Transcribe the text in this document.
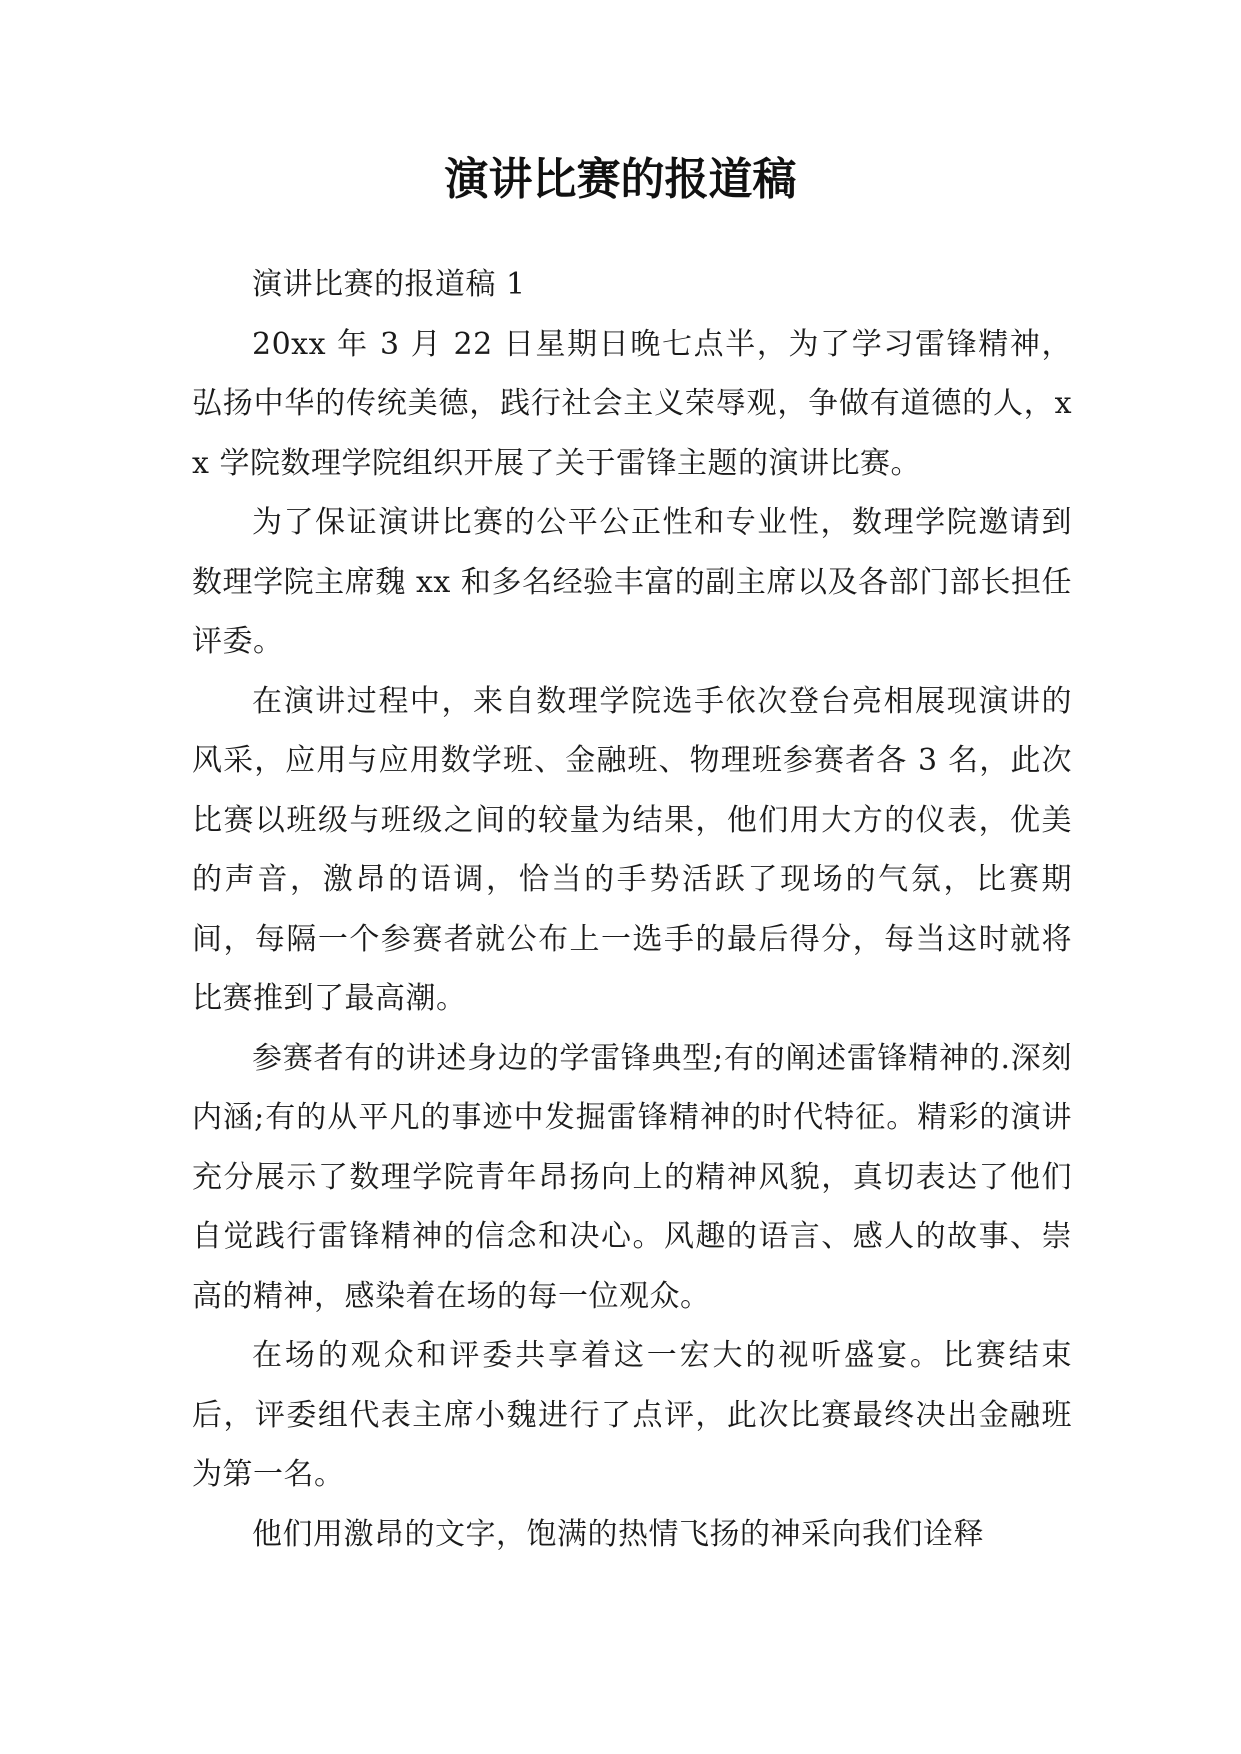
演讲比赛的报道稿

演讲比赛的报道稿 1

20xx 年 3 月 22 日星期日晚七点半，为了学习雷锋精神，弘扬中华的传统美德，践行社会主义荣辱观，争做有道德的人，xx 学院数理学院组织开展了关于雷锋主题的演讲比赛。

为了保证演讲比赛的公平公正性和专业性，数理学院邀请到数理学院主席魏 xx 和多名经验丰富的副主席以及各部门部长担任评委。

在演讲过程中，来自数理学院选手依次登台亮相展现演讲的风采，应用与应用数学班、金融班、物理班参赛者各 3 名，此次比赛以班级与班级之间的较量为结果，他们用大方的仪表，优美的声音，激昂的语调，恰当的手势活跃了现场的气氛，比赛期间，每隔一个参赛者就公布上一选手的最后得分，每当这时就将比赛推到了最高潮。

参赛者有的讲述身边的学雷锋典型;有的阐述雷锋精神的.深刻内涵;有的从平凡的事迹中发掘雷锋精神的时代特征。精彩的演讲充分展示了数理学院青年昂扬向上的精神风貌，真切表达了他们自觉践行雷锋精神的信念和决心。风趣的语言、感人的故事、崇高的精神，感染着在场的每一位观众。

在场的观众和评委共享着这一宏大的视听盛宴。比赛结束后，评委组代表主席小魏进行了点评，此次比赛最终决出金融班为第一名。

他们用激昂的文字，饱满的热情飞扬的神采向我们诠释
